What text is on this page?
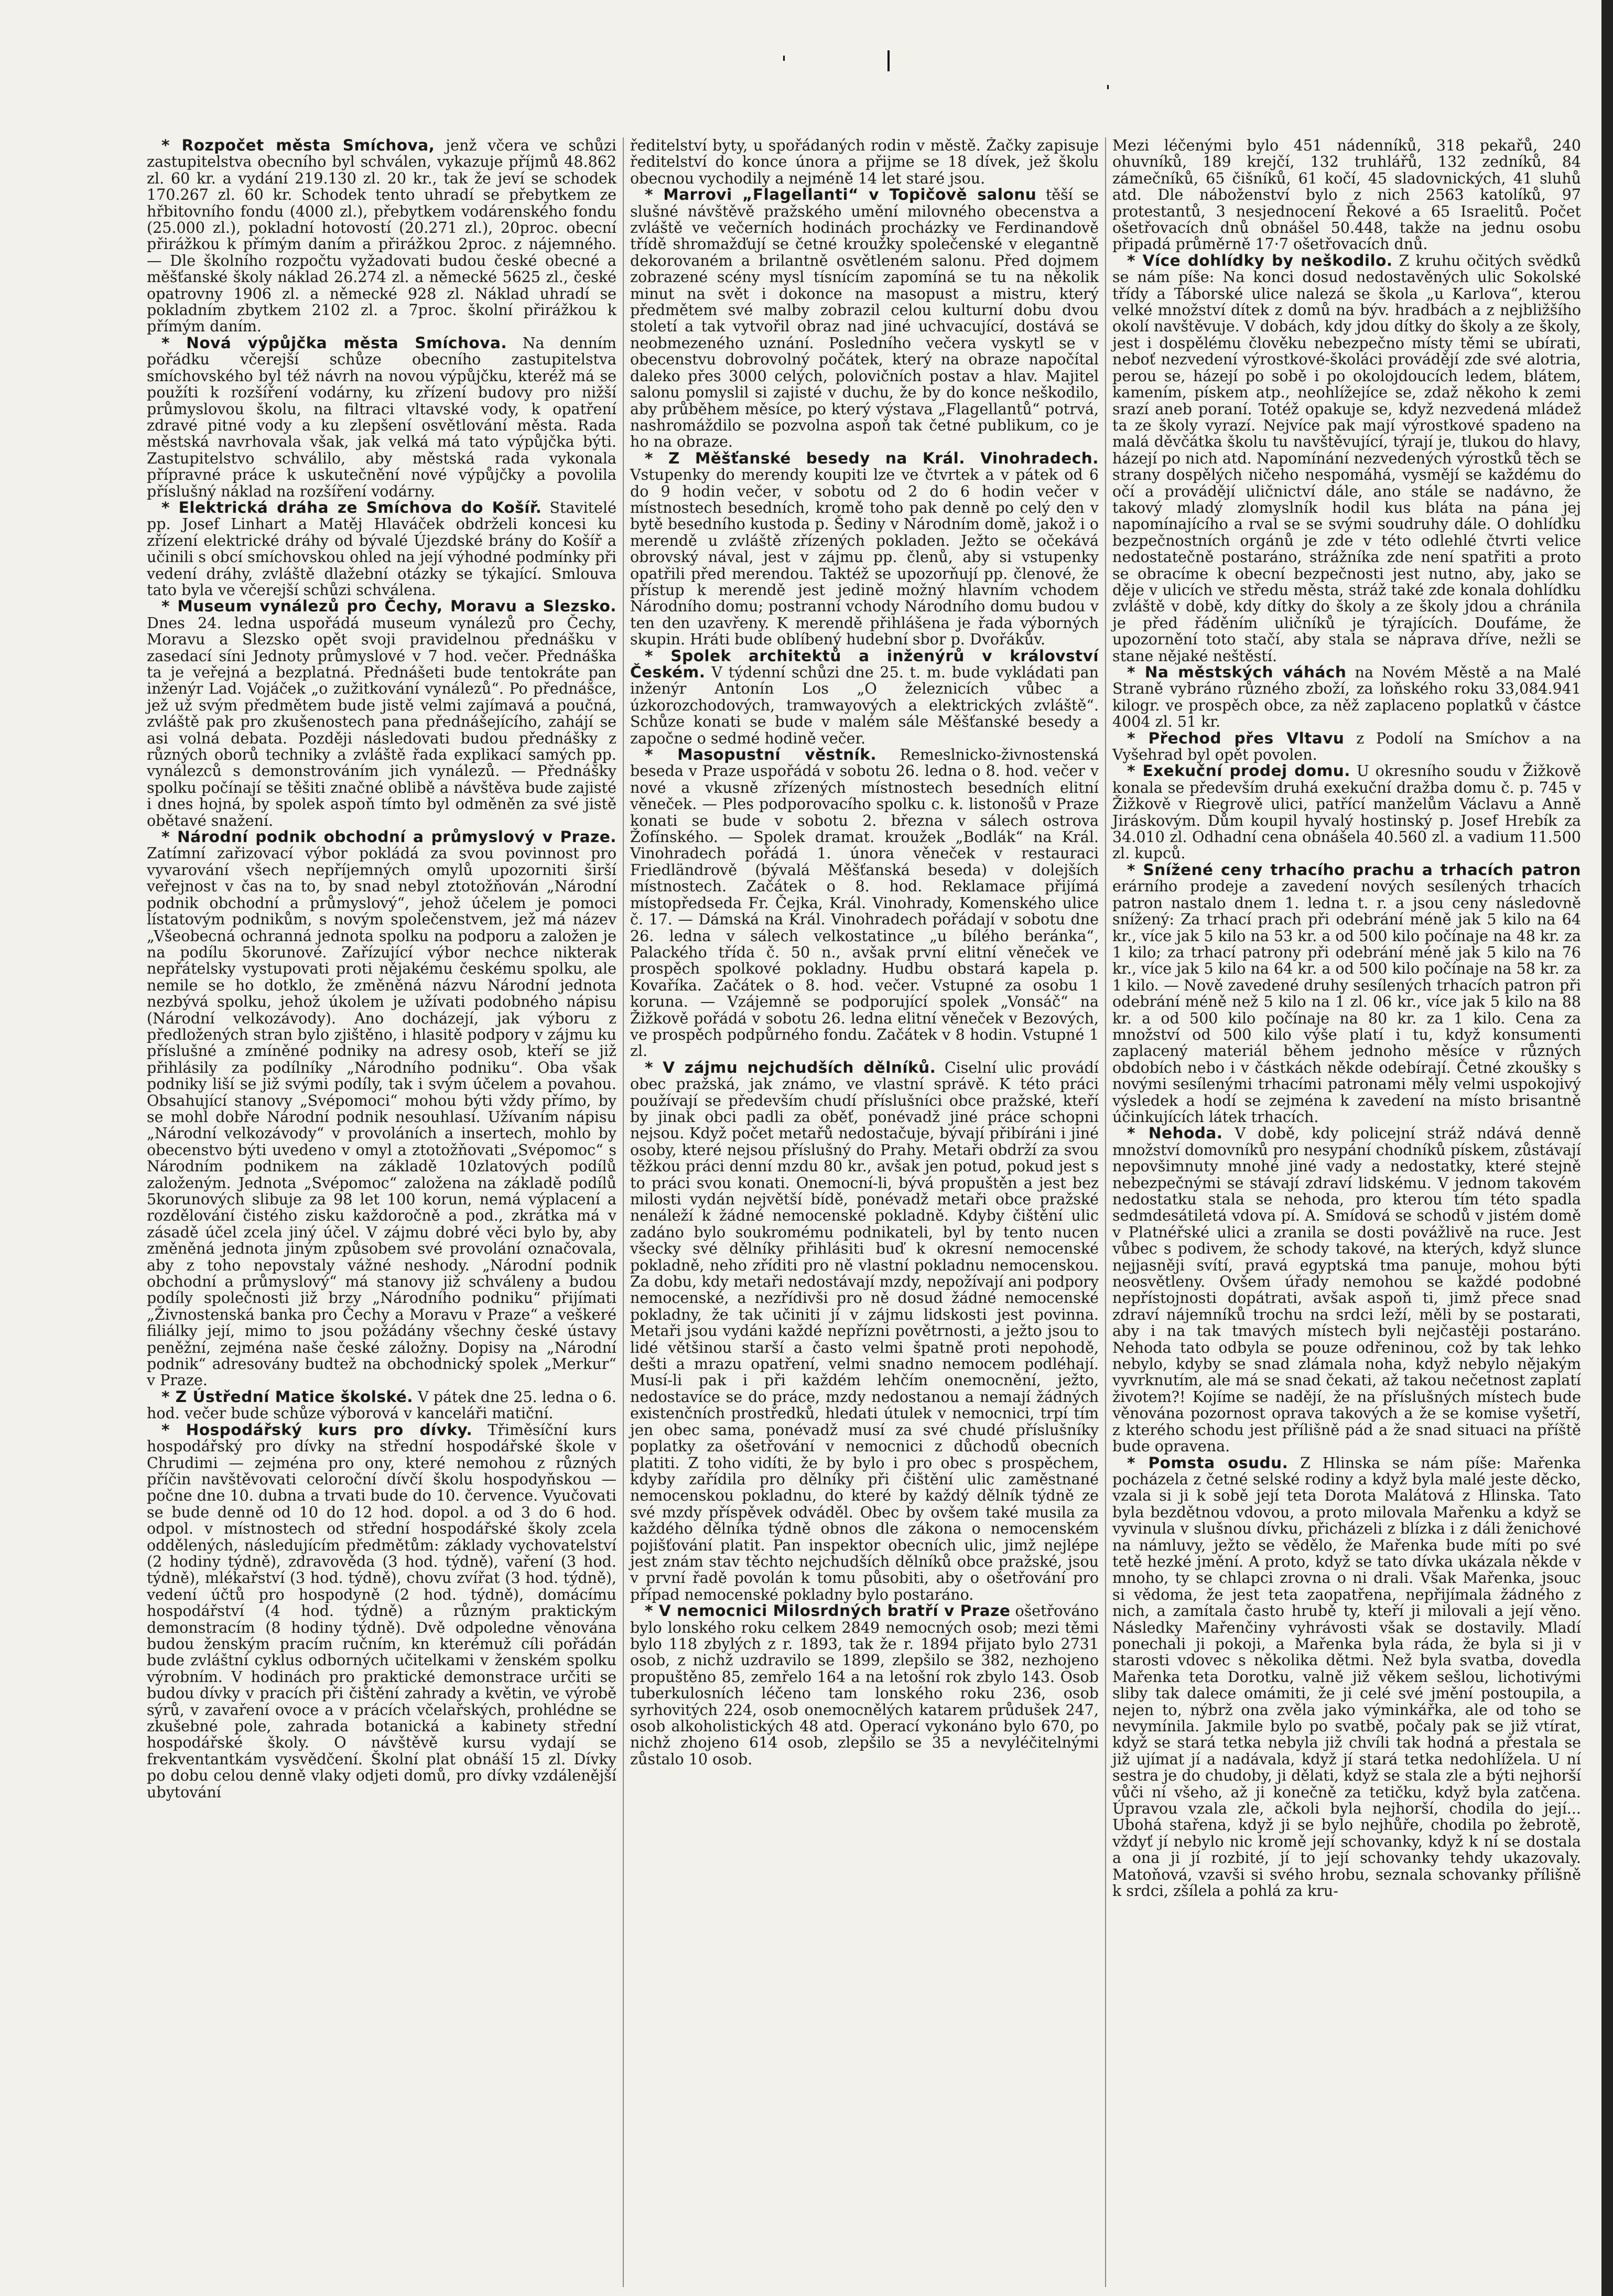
* Rozpočet města Smíchova, jenž včera ve schůzi zastupitelstva obecního byl schválen, vykazuje příjmů 48.862 zl. 60 kr. a vydání 219.130 zl. 20 kr., tak že jeví se schodek 170.267 zl. 60 kr. Schodek tento uhradí se přebytkem ze hřbitovního fondu (4000 zl.), přebytkem vodárenského fondu (25.000 zl.), pokladní hotovostí (20.271 zl.), 20proc. obecní přirážkou k přímým daním a přirážkou 2proc. z nájemného. — Dle školního rozpočtu vyžadovati budou české obecné a měšťanské školy náklad 26.274 zl. a německé 5625 zl., české opatrovny 1906 zl. a německé 928 zl. Náklad uhradí se pokladním zbytkem 2102 zl. a 7proc. školní přirážkou k přímým daním.

* Nová výpůjčka města Smíchova. Na denním pořádku včerejší schůze obecního zastupitelstva smíchovského byl též návrh na novou výpůjčku, kteréž má se použíti k rozšíření vodárny, ku zřízení budovy pro nižší průmyslovou školu, na filtraci vltavské vody, k opatření zdravé pitné vody a ku zlepšení osvětlování města. Rada městská navrhovala však, jak velká má tato výpůjčka býti. Zastupitelstvo schválilo, aby městská rada vykonala přípravné práce k uskutečnění nové výpůjčky a povolila příslušný náklad na rozšíření vodárny.

* Elektrická dráha ze Smíchova do Košíř. Stavitelé pp. Josef Linhart a Matěj Hlaváček obdrželi koncesi ku zřízení elektrické dráhy od bývalé Újezdské brány do Košíř a učinili s obcí smíchovskou ohled na její výhodné podmínky při vedení dráhy, zvláště dlažební otázky se týkající. Smlouva tato byla ve včerejší schůzi schválena.

* Museum vynálezů pro Čechy, Moravu a Slezsko. Dnes 24. ledna uspořádá museum vynálezů pro Čechy, Moravu a Slezsko opět svoji pravidelnou přednášku v zasedací síni Jednoty průmyslové v 7 hod. večer. Přednáška ta je veřejná a bezplatná. Přednášeti bude tentokráte pan inženýr Lad. Vojáček „o zužitkování vynálezů“. Po přednášce, jež už svým předmětem bude jistě velmi zajímavá a poučná, zvláště pak pro zkušenostech pana přednášejícího, zahájí se asi volná debata. Později následovati budou přednášky z různých oborů techniky a zvláště řada explikací samých pp. vynálezců s demonstrováním jich vynálezů. — Přednášky spolku počínají se těšiti značné oblibě a návštěva bude zajisté i dnes hojná, by spolek aspoň tímto byl odměněn za své jistě obětavé snažení.

* Národní podnik obchodní a průmyslový v Praze. Zatímní zařizovací výbor pokládá za svou povinnost pro vyvarování všech nepříjemných omylů upozorniti širší veřejnost v čas na to, by snad nebyl ztotožňován „Národní podnik obchodní a průmyslový“, jehož účelem je pomoci lístatovým podnikům, s novým společenstvem, jež má název „Všeobecná ochranná jednota spolku na podporu a založen je na podílu 5korunové. Zařízující výbor nechce nikterak nepřátelsky vystupovati proti nějakému českému spolku, ale nemile se ho dotklo, že změněná názvu Národní jednota nezbývá spolku, jehož úkolem je užívati podobného nápisu (Národní velkozávody). Ano docházejí, jak výboru z předložených stran bylo zjištěno, i hlasitě podpory v zájmu ku příslušné a zmíněné podniky na adresy osob, kteří se již přihlásily za podílníky „Národního podniku“. Oba však podniky liší se již svými podíly, tak i svým účelem a povahou. Obsahující stanovy „Svépomoci“ mohou býti vždy přímo, by se mohl dobře Národní podnik nesouhlasí. Užívaním nápisu „Národní velkozávody“ v provoláních a insertech, mohlo by obecenstvo býti uvedeno v omyl a ztotožňovati „Svépomoc“ s Národním podnikem na základě 10zlatových podílů založeným. Jednota „Svépomoc“ založena na základě podílů 5korunových slibuje za 98 let 100 korun, nemá výplacení a rozdělování čistého zisku každoročně a pod., zkrátka má v zásadě účel zcela jiný účel. V zájmu dobré věci bylo by, aby změněná jednota jiným způsobem své provolání označovala, aby z toho nepovstaly vážné neshody. „Národní podnik obchodní a průmyslový“ má stanovy již schváleny a budou podíly společnosti již brzy „Národního podniku“ přijímati „Živnostenská banka pro Čechy a Moravu v Praze“ a veškeré filiálky její, mimo to jsou požádány všechny české ústavy peněžní, zejména naše české záložny. Dopisy na „Národní podnik“ adresovány budtež na obchodnický spolek „Merkur“ v Praze.

* Z Ústřední Matice školské. V pátek dne 25. ledna o 6. hod. večer bude schůze výborová v kanceláři matiční.

* Hospodářský kurs pro dívky. Třiměsíční kurs hospodářský pro dívky na střední hospodářské škole v Chrudimi — zejména pro ony, které nemohou z různých příčin navštěvovati celoroční dívčí školu hospodyňskou — počne dne 10. dubna a trvati bude do 10. července. Vyučovati se bude denně od 10 do 12 hod. dopol. a od 3 do 6 hod. odpol. v místnostech od střední hospodářské školy zcela oddělených, následujícím předmětům: základy vychovatelství (2 hodiny týdně), zdravověda (3 hod. týdně), vaření (3 hod. týdně), mlékařství (3 hod. týdně), chovu zvířat (3 hod. týdně), vedení účtů pro hospodyně (2 hod. týdně), domácímu hospodářství (4 hod. týdně) a různým praktickým demonstracím (8 hodiny týdně). Dvě odpoledne věnována budou ženským pracím ručním, kn kterémuž cíli pořádán bude zvláštní cyklus odborných učitelkami v ženském spolku výrobním. V hodinách pro praktické demonstrace určiti se budou dívky v pracích při čištění zahrady a květin, ve výrobě sýrů, v zavaření ovoce a v prácích včelařských, prohlédne se zkušebné pole, zahrada botanická a kabinety střední hospodářské školy. O návštěvě kursu vydají se frekventantkám vysvědčení. Školní plat obnáší 15 zl. Dívky po dobu celou denně vlaky odjeti domů, pro dívky vzdálenější ubytování

ředitelství byty, u spořádaných rodin v městě. Žačky zapisuje ředitelství do konce února a přijme se 18 dívek, jež školu obecnou vychodily a nejméně 14 let staré jsou.

* Marrovi „Flagellanti“ v Topičově salonu těší se slušné návštěvě pražského umění milovného obecenstva a zvláště ve večerních hodinách procházky ve Ferdinandově třídě shromažďují se četné kroužky společenské v elegantně dekorovaném a brilantně osvětleném salonu. Před dojmem zobrazené scény mysl tísnícím zapomíná se tu na několik minut na svět i dokonce na masopust a mistru, který předmětem své malby zobrazil celou kulturní dobu dvou století a tak vytvořil obraz nad jiné uchvacující, dostává se neobmezeného uznání. Posledního večera vyskytl se v obecenstvu dobrovolný počátek, který na obraze napočítal daleko přes 3000 celých, polovičních postav a hlav. Majitel salonu pomyslil si zajisté v duchu, že by do konce neškodilo, aby průběhem měsíce, po který výstava „Flagellantů“ potrvá, nashromáždilo se pozvolna aspoň tak četné publikum, co je ho na obraze.

* Z Měšťanské besedy na Král. Vinohradech. Vstupenky do merendy koupiti lze ve čtvrtek a v pátek od 6 do 9 hodin večer, v sobotu od 2 do 6 hodin večer v místnostech besedních, kromě toho pak denně po celý den v bytě besedního kustoda p. Šediny v Národním domě, jakož i o merendě u zvláště zřízených pokladen. Ježto se očekává obrovský nával, jest v zájmu pp. členů, aby si vstupenky opatřili před merendou. Taktéž se upozorňují pp. členové, že přístup k merendě jest jedině možný hlavním vchodem Národního domu; postranní vchody Národního domu budou v ten den uzavřeny. K merendě přihlášena je řada výborných skupin. Hráti bude oblíbený hudební sbor p. Dvořákův.

* Spolek architektů a inženýrů v království Českém. V týdenní schůzi dne 25. t. m. bude vykládati pan inženýr Antonín Los „O železnicích vůbec a úzkorozchodových, tramwayových a elektrických zvláště“. Schůze konati se bude v malém sále Měšťanské besedy a započne o sedmé hodině večer.

* Masopustní věstník. Remeslnicko-živnostenská beseda v Praze uspořádá v sobotu 26. ledna o 8. hod. večer v nové a vkusně zřízených místnostech besedních elitní věneček. — Ples podporovacího spolku c. k. listonošů v Praze konati se bude v sobotu 2. března v sálech ostrova Žofínského. — Spolek dramat. kroužek „Bodlák“ na Král. Vinohradech pořádá 1. února věneček v restauraci Friedländrově (bývalá Měšťanská beseda) v dolejších místnostech. Začátek o 8. hod. Reklamace přijímá místopředseda Fr. Čejka, Král. Vinohrady, Komenského ulice č. 17. — Dámská na Král. Vinohradech pořádají v sobotu dne 26. ledna v sálech velkostatince „u bílého beránka“, Palackého třída č. 50 n., avšak první elitní věneček ve prospěch spolkové pokladny. Hudbu obstará kapela p. Kovaříka. Začátek o 8. hod. večer. Vstupné za osobu 1 koruna. — Vzájemně se podporující spolek „Vonsáč“ na Žižkově pořádá v sobotu 26. ledna elitní věneček v Bezových, ve prospěch podpůrného fondu. Začátek v 8 hodin. Vstupné 1 zl.

* V zájmu nejchudších dělníků. Ciselní ulic provádí obec pražská, jak známo, ve vlastní správě. K této práci používají se především chudí příslušníci obce pražské, kteří by jinak obci padli za oběť, ponévadž jiné práce schopni nejsou. Když počet metařů nedostačuje, bývají přibíráni i jiné osoby, které nejsou příslušný do Prahy. Metaři obdrží za svou těžkou práci denní mzdu 80 kr., avšak jen potud, pokud jest s to práci svou konati. Onemocní-li, bývá propuštěn a jest bez milosti vydán největší bídě, ponévadž metaři obce pražské nenáleží k žádné nemocenské pokladně. Kdyby čištění ulic zadáno bylo soukromému podnikateli, byl by tento nucen všecky své dělníky přihlásiti buď k okresní nemocenské pokladně, neho zříditi pro ně vlastní pokladnu nemocenskou. Za dobu, kdy metaři nedostávají mzdy, nepožívají ani podpory nemocenské, a nezřídivši pro ně dosud žádné nemocenské pokladny, že tak učiniti jí v zájmu lidskosti jest povinna. Metaři jsou vydáni každé nepřízni povětrnosti, a ježto jsou to lidé většinou starší a často velmi špatně proti nepohodě, dešti a mrazu opatření, velmi snadno nemocem podléhají. Musí-li pak i při každém lehčím onemocnění, ježto, nedostavíce se do práce, mzdy nedostanou a nemají žádných existenčních prostředků, hledati útulek v nemocnici, trpí tím jen obec sama, ponévadž musí za své chudé příslušníky poplatky za ošetřování v nemocnici z důchodů obecních platiti. Z toho vidíti, že by bylo i pro obec s prospěchem, kdyby zařídila pro dělníky při čištění ulic zaměstnané nemocenskou pokladnu, do které by každý dělník týdně ze své mzdy příspěvek odváděl. Obec by ovšem také musila za každého dělníka týdně obnos dle zákona o nemocenském pojišťování platit. Pan inspektor obecních ulic, jimž nejlépe jest znám stav těchto nejchudších dělníků obce pražské, jsou v první řadě povolán k tomu působiti, aby o ošetřování pro případ nemocenské pokladny bylo postaráno.

* V nemocnici Milosrdných bratří v Praze ošetřováno bylo lonského roku celkem 2849 nemocných osob; mezi těmi bylo 118 zbylých z r. 1893, tak že r. 1894 přijato bylo 2731 osob, z nichž uzdravilo se 1899, zlepšilo se 382, nezhojeno propuštěno 85, zemřelo 164 a na letošní rok zbylo 143. Osob tuberkulosních léčeno tam lonského roku 236, osob syrhovitých 224, osob onemocnělých katarem průdušek 247, osob alkoholistických 48 atd. Operací vykonáno bylo 670, po nichž zhojeno 614 osob, zlepšilo se 35 a nevyléčitelnými zůstalo 10 osob.

Mezi léčenými bylo 451 nádenníků, 318 pekařů, 240 ohuvníků, 189 krejčí, 132 truhlářů, 132 zedníků, 84 zámečníků, 65 čišníků, 61 kočí, 45 sladovnických, 41 sluhů atd. Dle náboženství bylo z nich 2563 katolíků, 97 protestantů, 3 nesjednocení Řekové a 65 Israelitů. Počet ošetřovacích dnů obnášel 50.448, takže na jednu osobu připadá průměrně 17·7 ošetřovacích dnů.

* Více dohlídky by neškodilo. Z kruhu očitých svědků se nám píše: Na konci dosud nedostavěných ulic Sokolské třídy a Táborské ulice nalezá se škola „u Karlova“, kterou velké množství dítek z domů na býv. hradbách a z nejbližšího okolí navštěvuje. V dobách, kdy jdou dítky do školy a ze školy, jest i dospělému člověku nebezpečno místy těmi se ubírati, neboť nezvedení výrostkové-školáci provádějí zde své alotria, perou se, házejí po sobě i po okolojdoucích ledem, blátem, kamením, pískem atp., neohlížejíce se, zdaž někoho k zemi srazí aneb poraní. Totéž opakuje se, když nezvedená mládež ta ze školy vyrazí. Nejvíce pak mají výrostkové spadeno na malá děvčátka školu tu navštěvující, týrají je, tlukou do hlavy, házejí po nich atd. Napomínání nezvedených výrostků těch se strany dospělých ničeho nespomáhá, vysmějí se každému do očí a provádějí uličnictví dále, ano stále se nadávno, že takový mladý zlomyslník hodil kus bláta na pána jej napomínajícího a rval se se svými soudruhy dále. O dohlídku bezpečnostních orgánů je zde v této odlehlé čtvrti velice nedostatečně postaráno, strážníka zde není spatřiti a proto se obracíme k obecní bezpečnosti jest nutno, aby, jako se děje v ulicích ve středu města, stráž také zde konala dohlídku zvláště v době, kdy dítky do školy a ze školy jdou a chránila je před řáděním uličníků je týrajících. Doufáme, že upozornění toto stačí, aby stala se náprava dříve, nežli se stane nějaké neštěstí.

* Na městských váhách na Novém Městě a na Malé Straně vybráno různého zboží, za loňského roku 33,084.941 kilogr. ve prospěch obce, za něž zaplaceno poplatků v částce 4004 zl. 51 kr.

* Přechod přes Vltavu z Podolí na Smíchov a na Vyšehrad byl opět povolen.

* Exekuční prodej domu. U okresního soudu v Žižkově konala se především druhá exekuční dražba domu č. p. 745 v Žižkově v Riegrově ulici, patřící manželům Václavu a Anně Jiráskovým. Dům koupil hyvalý hostinský p. Josef Hrebík za 34.010 zl. Odhadní cena obnášela 40.560 zl. a vadium 11.500 zl. kupců.

* Snížené ceny trhacího prachu a trhacích patron erárního prodeje a zavedení nových sesílených trhacích patron nastalo dnem 1. ledna t. r. a jsou ceny následovně snížený: Za trhací prach při odebrání méně jak 5 kilo na 64 kr., více jak 5 kilo na 53 kr. a od 500 kilo počínaje na 48 kr. za 1 kilo; za trhací patrony při odebrání méně jak 5 kilo na 76 kr., více jak 5 kilo na 64 kr. a od 500 kilo počínaje na 58 kr. za 1 kilo. — Nově zavedené druhy sesílených trhacích patron při odebrání méně než 5 kilo na 1 zl. 06 kr., více jak 5 kilo na 88 kr. a od 500 kilo počínaje na 80 kr. za 1 kilo. Cena za množství od 500 kilo výše platí i tu, když konsumenti zaplacený materiál během jednoho měsíce v různých obdobích nebo i v částkách někde odebírají. Četné zkoušky s novými sesílenými trhacími patronami měly velmi uspokojivý výsledek a hodí se zejména k zavedení na místo brisantně účinkujících látek trhacích.

* Nehoda. V době, kdy policejní stráž ndává denně množství domovníků pro nesypání chodníků pískem, zůstávají nepovšimnuty mnohé jiné vady a nedostatky, které stejně nebezpečnými se stávají zdraví lidskému. V jednom takovém nedostatku stala se nehoda, pro kterou tím této spadla sedmdesátiletá vdova pí. A. Smídová se schodů v jistém domě v Platnéřské ulici a zranila se dosti povážlivě na ruce. Jest vůbec s podivem, že schody takové, na kterých, když slunce nejjasněji svítí, pravá egyptská tma panuje, mohou býti neosvětleny. Ovšem úřady nemohou se každé podobné nepřístojnosti dopátrati, avšak aspoň ti, jimž přece snad zdraví nájemníků trochu na srdci leží, měli by se postarati, aby i na tak tmavých místech byli nejčastěji postaráno. Nehoda tato odbyla se pouze odřeninou, což by tak lehko nebylo, kdyby se snad zlámala noha, když nebylo nějakým vyvrknutím, ale má se snad čekati, až takou nečetnost zaplatí životem?! Kojíme se nadějí, že na příslušných místech bude věnována pozornost oprava takových a že se komise vyšetří, z kterého schodu jest přílišně pád a že snad situaci na příště bude opravena.

* Pomsta osudu. Z Hlinska se nám píše: Mařenka pocházela z četné selské rodiny a když byla malé jeste děcko, vzala si ji k sobě její teta Dorota Malátová z Hlinska. Tato byla bezdětnou vdovou, a proto milovala Mařenku a když se vyvinula v slušnou dívku, přicházeli z blízka i z dáli ženichové na námluvy, ježto se vědělo, že Mařenka bude míti po své tetě hezké jmění. A proto, když se tato dívka ukázala někde v mnoho, ty se chlapci zrovna o ni drali. Však Mařenka, jsouc si vědoma, že jest teta zaopatřena, nepřijímala žádného z nich, a zamítala často hrubě ty, kteří ji milovali a její věno. Následky Mařenčiny vyhrávosti však se dostavily. Mladí ponechali ji pokoji, a Mařenka byla ráda, že byla si ji v starosti vdovec s několika dětmi. Než byla svatba, dovedla Mařenka teta Dorotku, valně již věkem sešlou, lichotivými sliby tak dalece omámiti, že ji celé své jmění postoupila, a nejen to, nýbrž ona zvěla jako výminkářka, ale od toho se nevymínila. Jakmile bylo po svatbě, počaly pak se již vtírat, když se stará tetka nebyla již chvíli tak hodná a přestala se již ujímat jí a nadávala, když jí stará tetka nedohlížela. U ní sestra je do chudoby, ji dělati, když se stala zle a býti nejhorší vůči ní všeho, až ji konečně za tetičku, když byla zatčena. Úpravou vzala zle, ačkoli byla nejhorší, chodila do její... Ubohá stařena, když ji se bylo nejhůře, chodila po žebrotě, vždyť jí nebylo nic kromě její schovanky, když k ní se dostala a ona ji jí rozbité, jí to její schovanky tehdy ukazovaly. Matoňová, vzavši si svého hrobu, seznala schovanky přílišně k srdci, zšílela a pohlá za kru-
